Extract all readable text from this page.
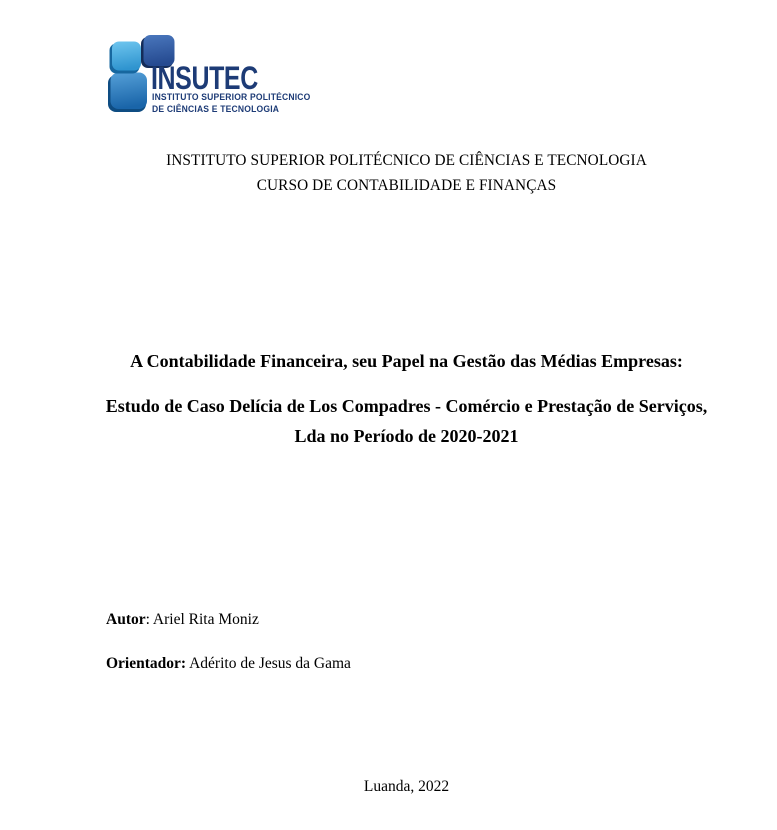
INSUTEC
INSTITUTO SUPERIOR POLITÉCNICO
DE CIÊNCIAS E TECNOLOGIA
INSTITUTO SUPERIOR POLITÉCNICO DE CIÊNCIAS E TECNOLOGIA
CURSO DE CONTABILIDADE E FINANÇAS

A Contabilidade Financeira, seu Papel na Gestão das Médias Empresas:

Estudo de Caso Delícia de Los Compadres - Comércio e Prestação de Serviços,

Lda no Período de 2020-2021

Autor: Ariel Rita Moniz

Orientador: Adérito de Jesus da Gama

Luanda, 2022
